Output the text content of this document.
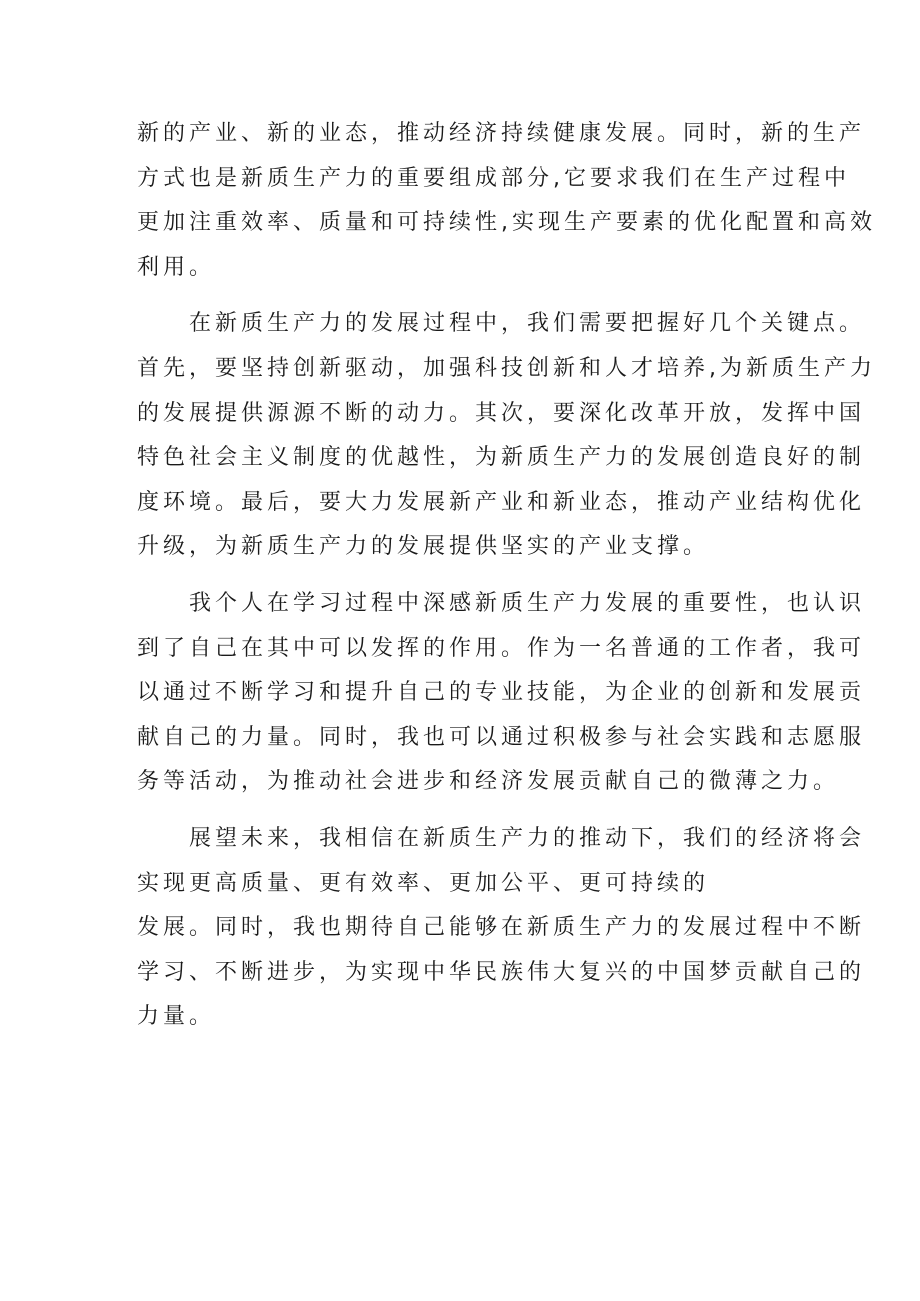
新的产业、新的业态，推动经济持续健康发展。同时，新的生产
方式也是新质生产力的重要组成部分,它要求我们在生产过程中
更加注重效率、质量和可持续性,实现生产要素的优化配置和高效
利用。
在新质生产力的发展过程中，我们需要把握好几个关键点。
首先，要坚持创新驱动，加强科技创新和人才培养,为新质生产力
的发展提供源源不断的动力。其次，要深化改革开放，发挥中国
特色社会主义制度的优越性，为新质生产力的发展创造良好的制
度环境。最后，要大力发展新产业和新业态，推动产业结构优化
升级，为新质生产力的发展提供坚实的产业支撑。
我个人在学习过程中深感新质生产力发展的重要性，也认识
到了自己在其中可以发挥的作用。作为一名普通的工作者，我可
以通过不断学习和提升自己的专业技能，为企业的创新和发展贡
献自己的力量。同时，我也可以通过积极参与社会实践和志愿服
务等活动，为推动社会进步和经济发展贡献自己的微薄之力。
展望未来，我相信在新质生产力的推动下，我们的经济将会
实现更高质量、更有效率、更加公平、更可持续的
发展。同时，我也期待自己能够在新质生产力的发展过程中不断
学习、不断进步，为实现中华民族伟大复兴的中国梦贡献自己的
力量。
